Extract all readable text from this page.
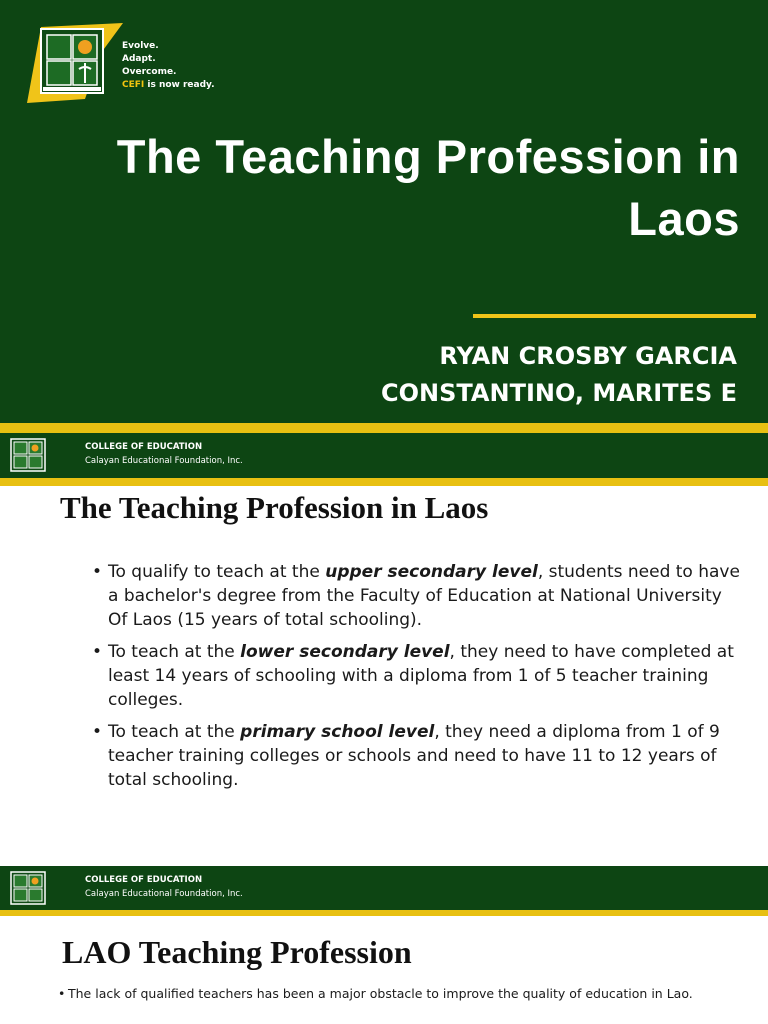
Evolve.
Adapt.
Overcome.
CEFI is now ready.
The Teaching Profession in
Laos
RYAN CROSBY GARCIA
CONSTANTINO, MARITES E
COLLEGE OF EDUCATION
Calayan Educational Foundation, Inc.
The Teaching Profession in Laos
• To qualify to teach at the upper secondary level, students need to have a bachelor's degree from the Faculty of Education at National University Of Laos (15 years of total schooling).
• To teach at the lower secondary level, they need to have completed at least 14 years of schooling with a diploma from 1 of 5 teacher training colleges.
• To teach at the primary school level, they need a diploma from 1 of 9 teacher training colleges or schools and need to have 11 to 12 years of total schooling.
COLLEGE OF EDUCATION
Calayan Educational Foundation, Inc.
LAO Teaching Profession
• The lack of qualified teachers has been a major obstacle to improve the quality of education in Lao.
